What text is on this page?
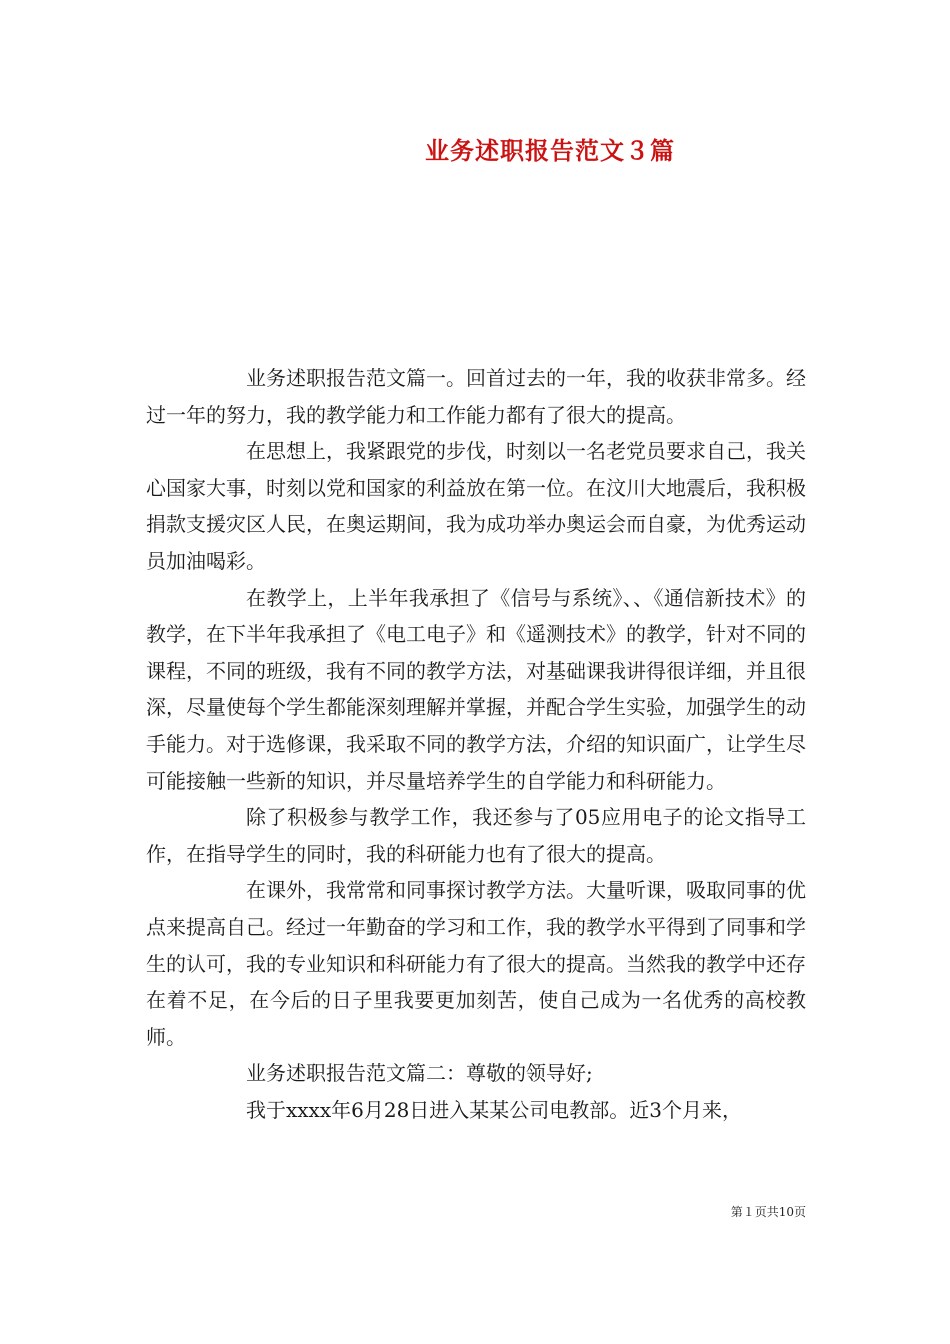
业务述职报告范文３篇

业务述职报告范文篇一。回首过去的一年，我的收获非常多。经过一年的努力，我的教学能力和工作能力都有了很大的提高。

在思想上，我紧跟党的步伐，时刻以一名老党员要求自己，我关心国家大事，时刻以党和国家的利益放在第一位。在汶川大地震后，我积极捐款支援灾区人民，在奥运期间，我为成功举办奥运会而自豪，为优秀运动员加油喝彩。

在教学上，上半年我承担了《信号与系统》、、《通信新技术》的教学，在下半年我承担了《电工电子》和《遥测技术》的教学，针对不同的课程，不同的班级，我有不同的教学方法，对基础课我讲得很详细，并且很深，尽量使每个学生都能深刻理解并掌握，并配合学生实验，加强学生的动手能力。对于选修课，我采取不同的教学方法，介绍的知识面广，让学生尽可能接触一些新的知识，并尽量培养学生的自学能力和科研能力。

除了积极参与教学工作，我还参与了05应用电子的论文指导工作，在指导学生的同时，我的科研能力也有了很大的提高。

在课外，我常常和同事探讨教学方法。大量听课，吸取同事的优点来提高自己。经过一年勤奋的学习和工作，我的教学水平得到了同事和学生的认可，我的专业知识和科研能力有了很大的提高。当然我的教学中还存在着不足，在今后的日子里我要更加刻苦，使自己成为一名优秀的高校教师。

业务述职报告范文篇二：尊敬的领导好;

我于xxxx年6月28日进入某某公司电教部。近3个月来，

第１页共10页
